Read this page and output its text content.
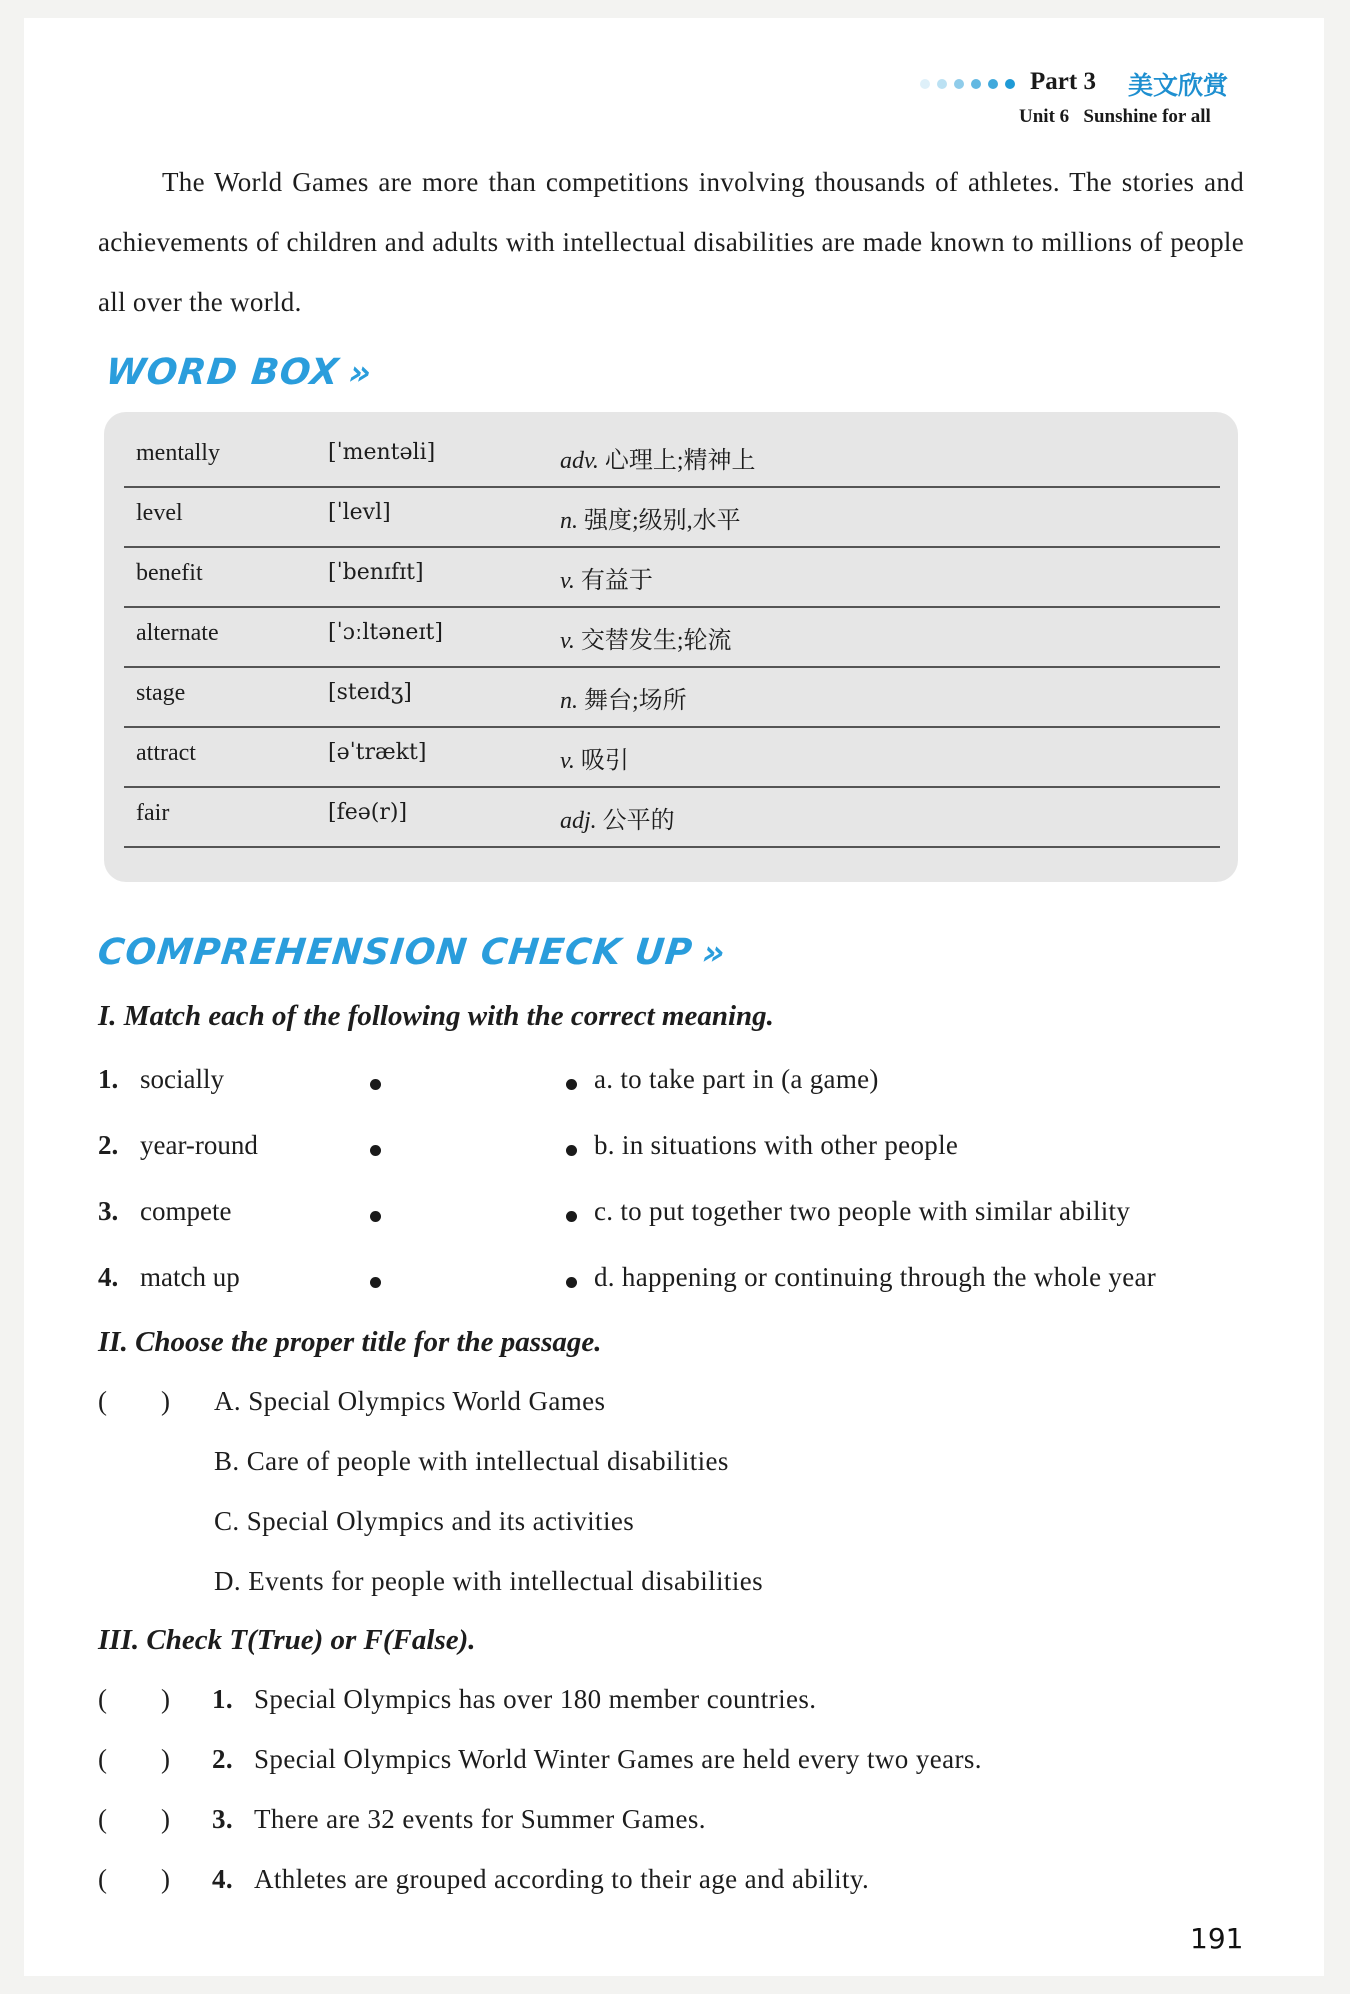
Part 3 美文欣赏
Unit 6 Sunshine for all

The World Games are more than competitions involving thousands of athletes. The stories and achievements of children and adults with intellectual disabilities are made known to millions of people all over the world.

WORD BOX »
mentally	[ˈmentəli]	adv. 心理上;精神上
level	[ˈlevl]	n. 强度;级别,水平
benefit	[ˈbenɪfɪt]	v. 有益于
alternate	[ˈɔːltəneɪt]	v. 交替发生;轮流
stage	[steɪdʒ]	n. 舞台;场所
attract	[əˈtrækt]	v. 吸引
fair	[feə(r)]	adj. 公平的
COMPREHENSION CHECK UP »
I. Match each of the following with the correct meaning.
1. socially	a. to take part in (a game)
2. year-round	b. in situations with other people
3. compete	c. to put together two people with similar ability
4. match up	d. happening or continuing through the whole year
II. Choose the proper title for the passage.
(        ) A. Special Olympics World Games
B. Care of people with intellectual disabilities
C. Special Olympics and its activities
D. Events for people with intellectual disabilities
III. Check T(True) or F(False).
(        ) 1. Special Olympics has over 180 member countries.
(        ) 2. Special Olympics World Winter Games are held every two years.
(        ) 3. There are 32 events for Summer Games.
(        ) 4. Athletes are grouped according to their age and ability.
191
